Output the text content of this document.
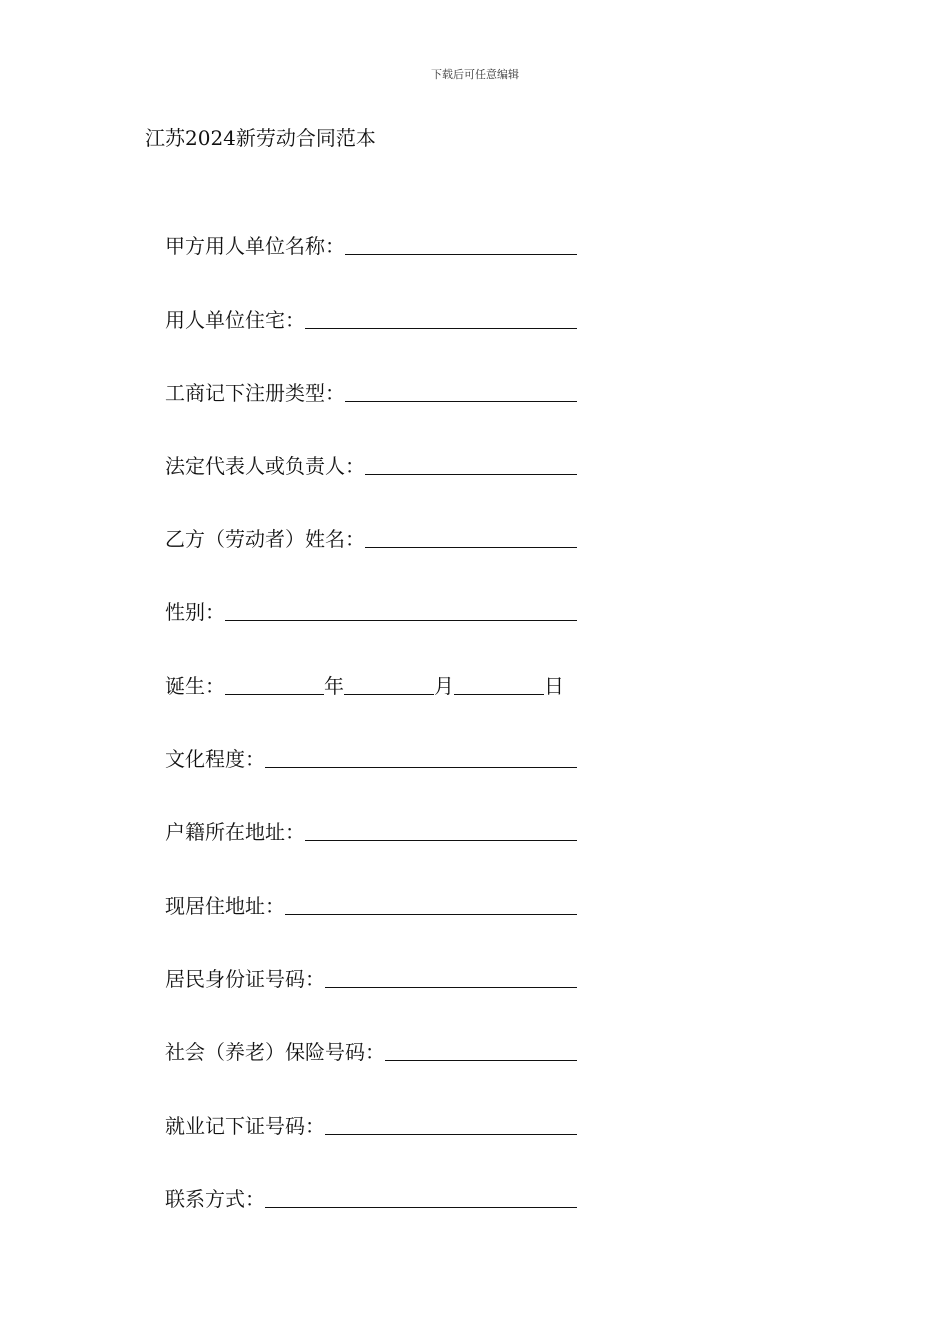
下载后可任意编辑
江苏2024新劳动合同范本
甲方用人单位名称：
用人单位住宅：
工商记下注册类型：
法定代表人或负责人：
乙方（劳动者）姓名：
性别：
诞生：	年	月	日
文化程度：
户籍所在地址：
现居住地址：
居民身份证号码：
社会（养老）保险号码：
就业记下证号码：
联系方式：
